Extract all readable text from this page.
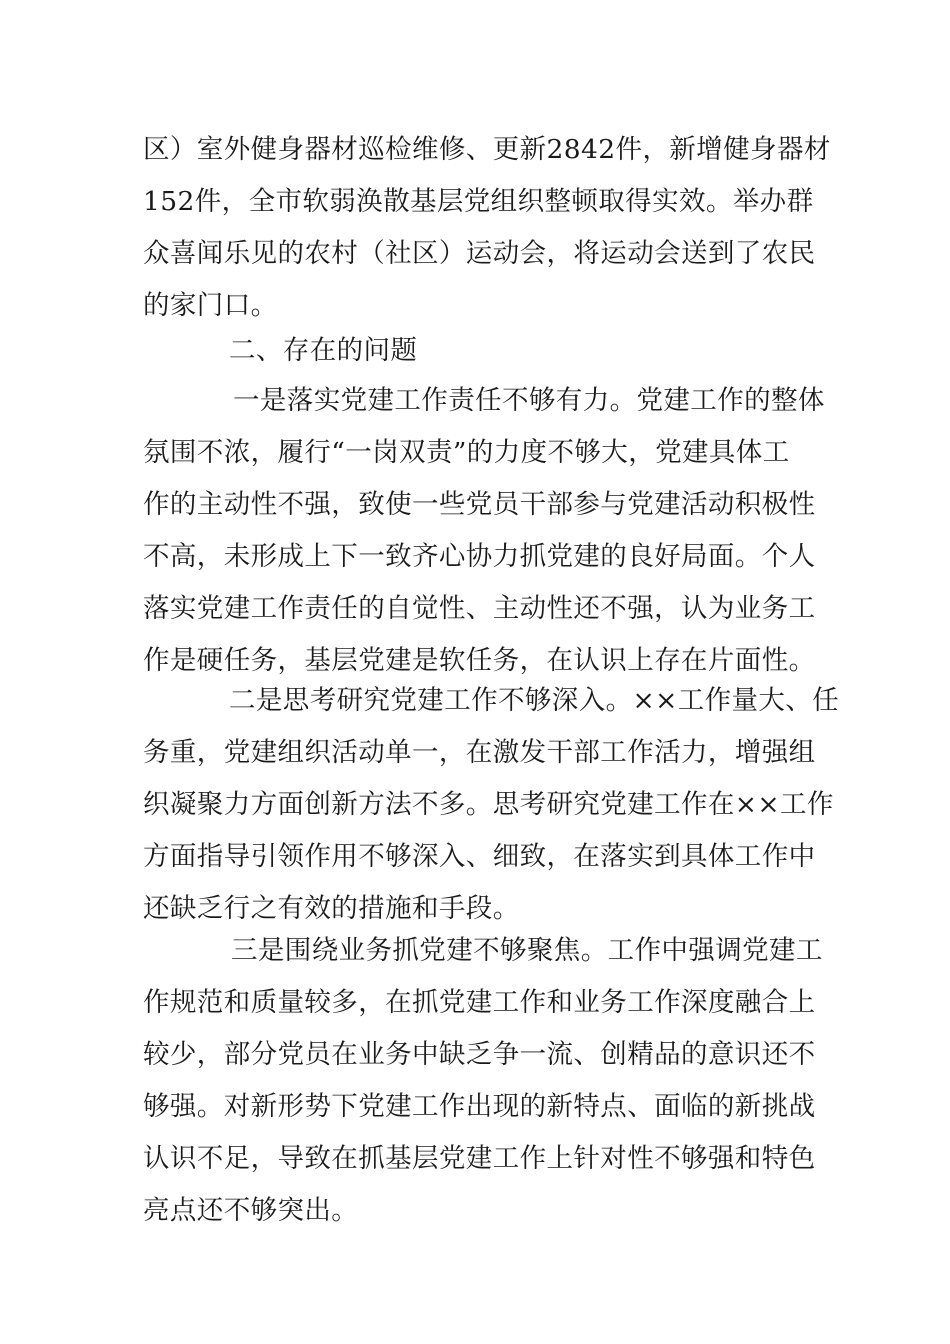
区）室外健身器材巡检维修、更新2842件，新增健身器材
152件，全市软弱涣散基层党组织整顿取得实效。举办群
众喜闻乐见的农村（社区）运动会，将运动会送到了农民
的家门口。
二、存在的问题
一是落实党建工作责任不够有力。党建工作的整体
氛围不浓，履行“一岗双责”的力度不够大，党建具体工
作的主动性不强，致使一些党员干部参与党建活动积极性
不高，未形成上下一致齐心协力抓党建的良好局面。个人
落实党建工作责任的自觉性、主动性还不强，认为业务工
作是硬任务，基层党建是软任务，在认识上存在片面性。
二是思考研究党建工作不够深入。××工作量大、任
务重，党建组织活动单一，在激发干部工作活力，增强组
织凝聚力方面创新方法不多。思考研究党建工作在××工作
方面指导引领作用不够深入、细致，在落实到具体工作中
还缺乏行之有效的措施和手段。
三是围绕业务抓党建不够聚焦。工作中强调党建工
作规范和质量较多，在抓党建工作和业务工作深度融合上
较少，部分党员在业务中缺乏争一流、创精品的意识还不
够强。对新形势下党建工作出现的新特点、面临的新挑战
认识不足，导致在抓基层党建工作上针对性不够强和特色
亮点还不够突出。
